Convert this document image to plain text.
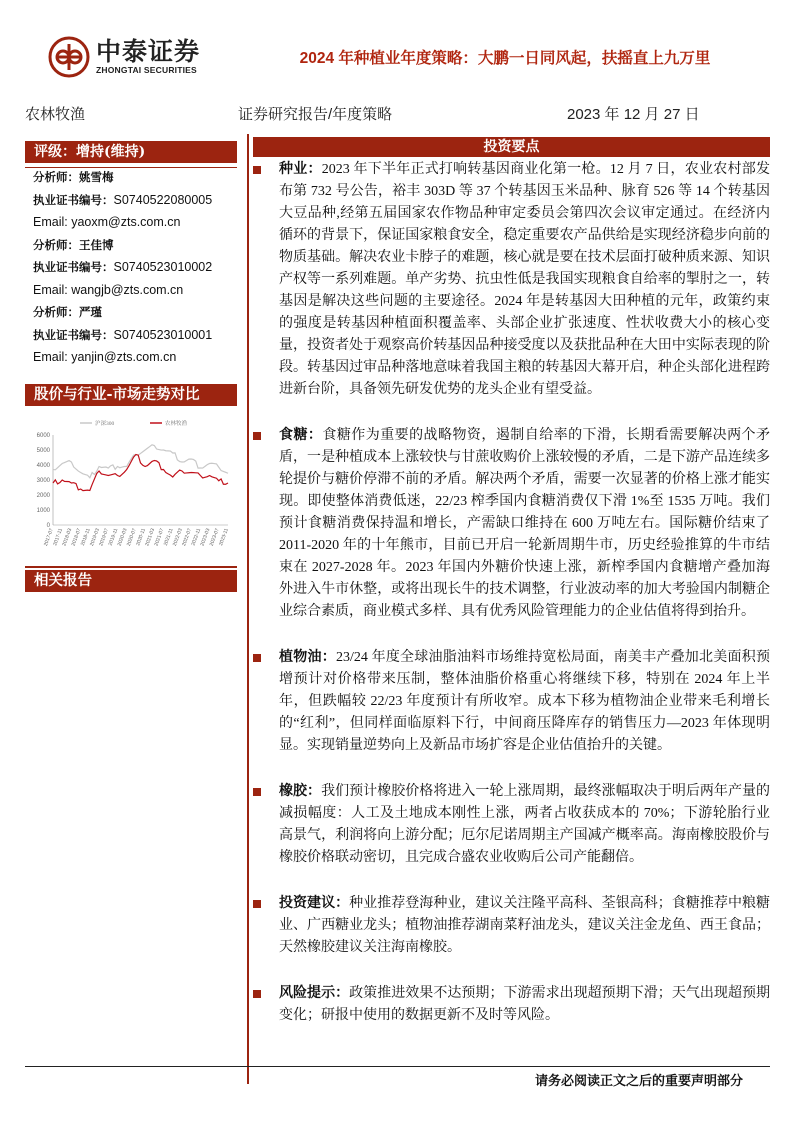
中泰证券
ZHONGTAI SECURITIES
2024 年种植业年度策略：大鹏一日同风起，扶摇直上九万里
农林牧渔	证券研究报告/年度策略	2023 年 12 月 27 日
评级：增持(维持)
分析师：姚雪梅
执业证书编号：S0740522080005
Email: yaoxm@zts.com.cn
分析师：王佳博
执业证书编号：S0740523010002
Email: wangjb@zts.com.cn
分析师：严瑾
执业证书编号：S0740523010001
Email: yanjin@zts.com.cn
股价与行业-市场走势对比
0
1000
2000
3000
4000
5000
6000
2017-07
2017-11
2018-03
2018-07
2018-11
2019-03
2019-07
2019-11
2020-03
2020-07
2020-11
2021-03
2021-07
2021-11
2022-03
2022-07
2022-11
2023-03
2023-07
2023-11
沪深300	农林牧渔
相关报告
投资要点

种业：2023 年下半年正式打响转基因商业化第一枪。12 月 7 日，农业农村部发布第 732 号公告，裕丰 303D 等 37 个转基因玉米品种、脉育 526 等 14 个转基因大豆品种,经第五届国家农作物品种审定委员会第四次会议审定通过。在经济内循环的背景下，保证国家粮食安全，稳定重要农产品供给是实现经济稳步向前的物质基础。解决农业卡脖子的难题，核心就是要在技术层面打破种质来源、知识产权等一系列难题。单产劣势、抗虫性低是我国实现粮食自给率的掣肘之一，转基因是解决这些问题的主要途径。2024 年是转基因大田种植的元年，政策约束的强度是转基因种植面积覆盖率、头部企业扩张速度、性状收费大小的核心变量，投资者处于观察高价转基因品种接受度以及获批品种在大田中实际表现的阶段。转基因过审品种落地意味着我国主粮的转基因大幕开启，种企头部化进程跨进新台阶，具备领先研发优势的龙头企业有望受益。

食糖：食糖作为重要的战略物资，遏制自给率的下滑，长期看需要解决两个矛盾，一是种植成本上涨较快与甘蔗收购价上涨较慢的矛盾，二是下游产品连续多轮提价与糖价停滞不前的矛盾。解决两个矛盾，需要一次显著的价格上涨才能实现。即使整体消费低迷，22/23 榨季国内食糖消费仅下滑 1%至 1535 万吨。我们预计食糖消费保持温和增长，产需缺口维持在 600 万吨左右。国际糖价结束了 2011-2020 年的十年熊市，目前已开启一轮新周期牛市，历史经验推算的牛市结束在 2027-2028 年。2023 年国内外糖价快速上涨，新榨季国内食糖增产叠加海外进入牛市休整，或将出现长牛的技术调整，行业波动率的加大考验国内制糖企业综合素质，商业模式多样、具有优秀风险管理能力的企业估值将得到抬升。

植物油：23/24 年度全球油脂油料市场维持宽松局面，南美丰产叠加北美面积预增预计对价格带来压制，整体油脂价格重心将继续下移，特别在 2024 年上半年，但跌幅较 22/23 年度预计有所收窄。成本下移为植物油企业带来毛利增长的“红利”，但同样面临原料下行，中间商压降库存的销售压力—2023 年体现明显。实现销量逆势向上及新品市场扩容是企业估值抬升的关键。

橡胶：我们预计橡胶价格将进入一轮上涨周期，最终涨幅取决于明后两年产量的减损幅度：人工及土地成本刚性上涨，两者占收获成本的 70%；下游轮胎行业高景气，利润将向上游分配；厄尔尼诺周期主产国减产概率高。海南橡胶股价与橡胶价格联动密切，且完成合盛农业收购后公司产能翻倍。

投资建议：种业推荐登海种业，建议关注隆平高科、荃银高科；食糖推荐中粮糖业、广西糖业龙头；植物油推荐湖南菜籽油龙头，建议关注金龙鱼、西王食品；天然橡胶建议关注海南橡胶。

风险提示：政策推进效果不达预期；下游需求出现超预期下滑；天气出现超预期变化；研报中使用的数据更新不及时等风险。

请务必阅读正文之后的重要声明部分
